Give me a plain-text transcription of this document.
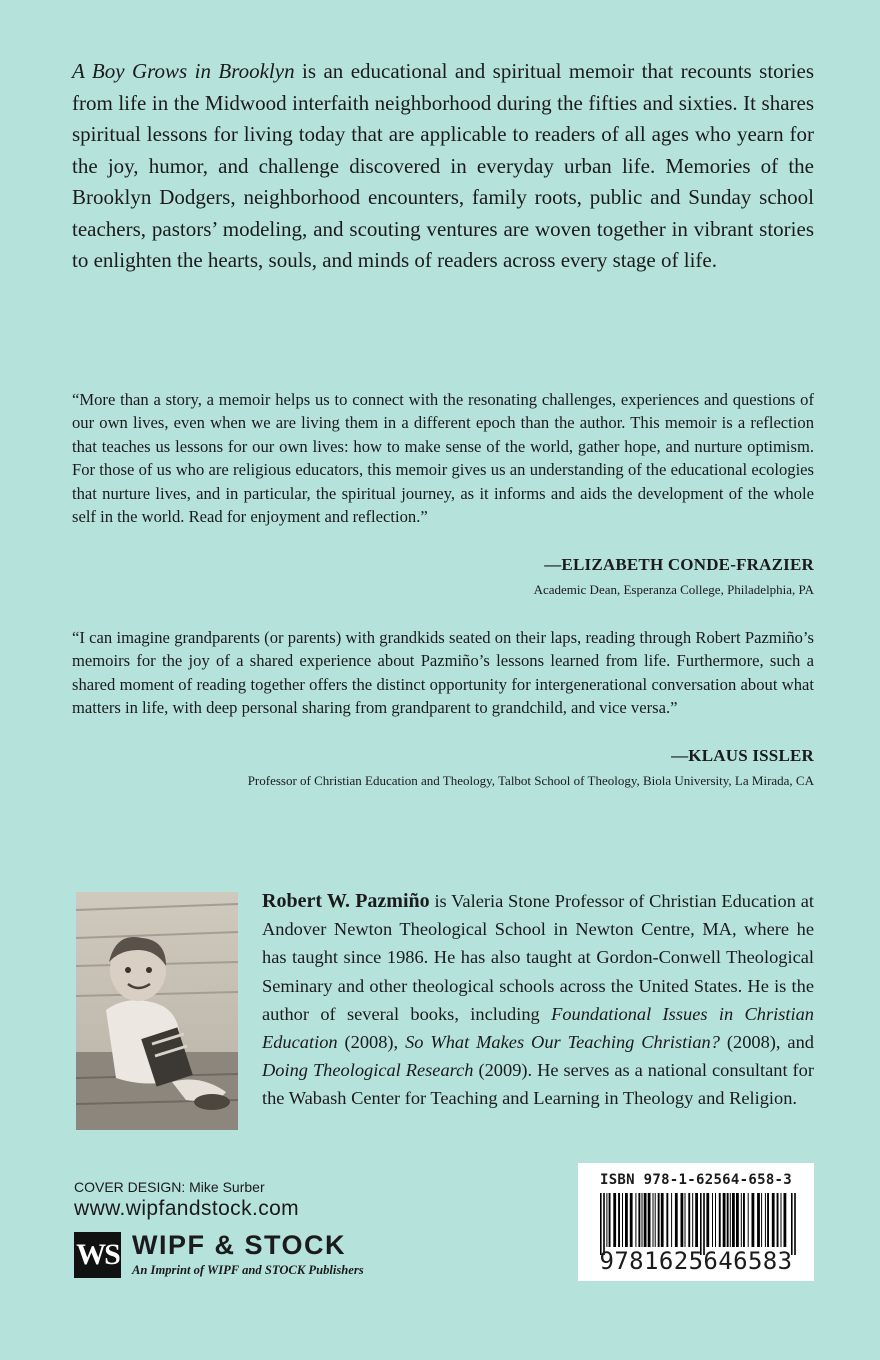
A Boy Grows in Brooklyn is an educational and spiritual memoir that recounts stories from life in the Midwood interfaith neighborhood during the fifties and sixties. It shares spiritual lessons for living today that are applicable to readers of all ages who yearn for the joy, humor, and challenge discovered in everyday urban life. Memories of the Brooklyn Dodgers, neighborhood encounters, family roots, public and Sunday school teachers, pastors’ modeling, and scouting ventures are woven together in vibrant stories to enlighten the hearts, souls, and minds of readers across every stage of life.

“More than a story, a memoir helps us to connect with the resonating challenges, experiences and questions of our own lives, even when we are living them in a different epoch than the author. This memoir is a reflection that teaches us lessons for our own lives: how to make sense of the world, gather hope, and nurture optimism. For those of us who are religious educators, this memoir gives us an understanding of the educational ecologies that nurture lives, and in particular, the spiritual journey, as it informs and aids the development of the whole self in the world. Read for enjoyment and reflection.”

—ELIZABETH CONDE-FRAZIER
Academic Dean, Esperanza College, Philadelphia, PA

“I can imagine grandparents (or parents) with grandkids seated on their laps, reading through Robert Pazmiño’s memoirs for the joy of a shared experience about Pazmiño’s lessons learned from life. Furthermore, such a shared moment of reading together offers the distinct opportunity for intergenerational conversation about what matters in life, with deep personal sharing from grandparent to grandchild, and vice versa.”

—KLAUS ISSLER
Professor of Christian Education and Theology, Talbot School of Theology, Biola University, La Mirada, CA

Robert W. Pazmiño is Valeria Stone Professor of Christian Education at Andover Newton Theological School in Newton Centre, MA, where he has taught since 1986. He has also taught at Gordon-Conwell Theological Seminary and other theological schools across the United States. He is the author of several books, including Foundational Issues in Christian Education (2008), So What Makes Our Teaching Christian? (2008), and Doing Theological Research (2009). He serves as a national consultant for the Wabash Center for Teaching and Learning in Theology and Religion.

COVER DESIGN: Mike Surber
www.wipfandstock.com
WS WIPF & STOCK
An Imprint of WIPF and STOCK Publishers
ISBN 978-1-62564-658-3
9781625646583
